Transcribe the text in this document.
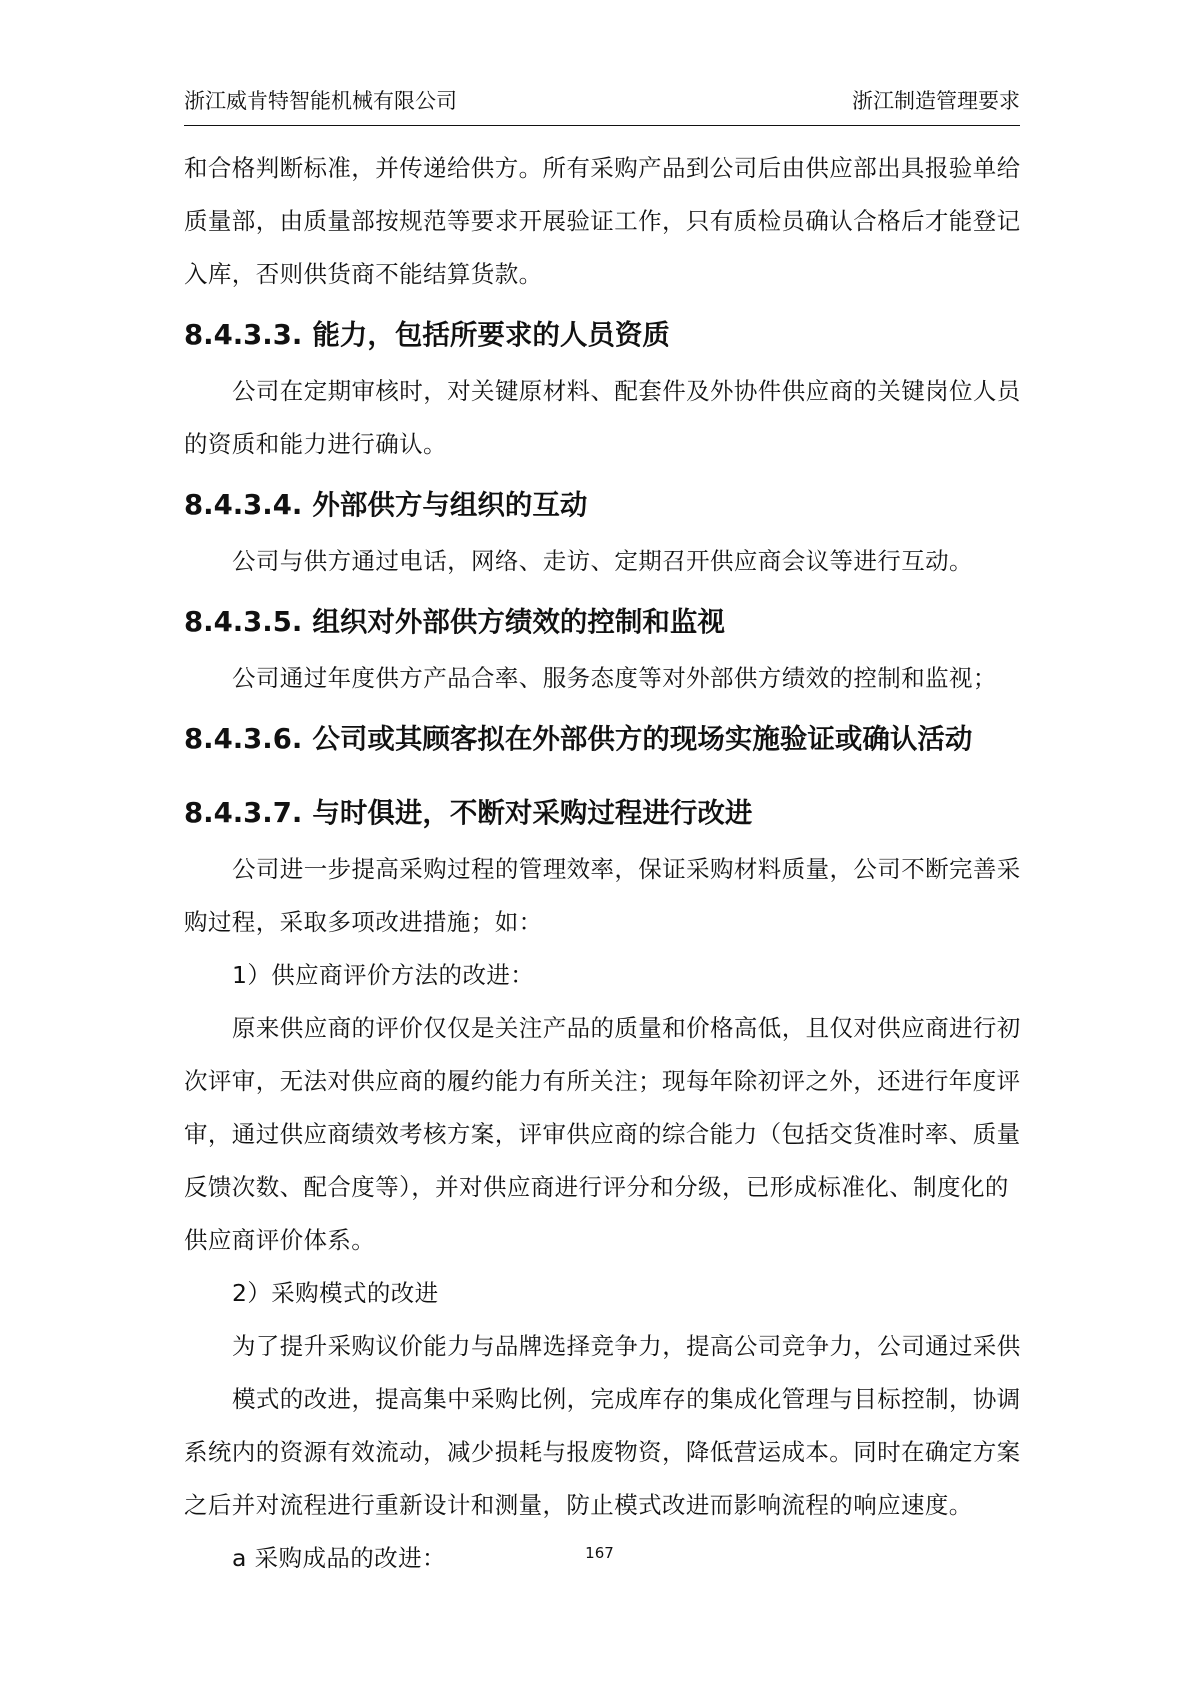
浙江威肯特智能机械有限公司	浙江制造管理要求

和合格判断标准，并传递给供方。所有采购产品到公司后由供应部出具报验单给

质量部，由质量部按规范等要求开展验证工作，只有质检员确认合格后才能登记

入库，否则供货商不能结算货款。

8.4.3.3. 能力，包括所要求的人员资质

公司在定期审核时，对关键原材料、配套件及外协件供应商的关键岗位人员

的资质和能力进行确认。

8.4.3.4. 外部供方与组织的互动

公司与供方通过电话，网络、走访、定期召开供应商会议等进行互动。

8.4.3.5. 组织对外部供方绩效的控制和监视

公司通过年度供方产品合率、服务态度等对外部供方绩效的控制和监视；

8.4.3.6. 公司或其顾客拟在外部供方的现场实施验证或确认活动

8.4.3.7. 与时俱进，不断对采购过程进行改进

公司进一步提高采购过程的管理效率，保证采购材料质量，公司不断完善采

购过程，采取多项改进措施；如：

1）供应商评价方法的改进：

原来供应商的评价仅仅是关注产品的质量和价格高低，且仅对供应商进行初

次评审，无法对供应商的履约能力有所关注；现每年除初评之外，还进行年度评

审，通过供应商绩效考核方案，评审供应商的综合能力（包括交货准时率、质量

反馈次数、配合度等），并对供应商进行评分和分级，已形成标准化、制度化的

供应商评价体系。

2）采购模式的改进

为了提升采购议价能力与品牌选择竞争力，提高公司竞争力，公司通过采供

模式的改进，提高集中采购比例，完成库存的集成化管理与目标控制，协调

系统内的资源有效流动，减少损耗与报废物资，降低营运成本。同时在确定方案

之后并对流程进行重新设计和测量，防止模式改进而影响流程的响应速度。

a 采购成品的改进：	167
